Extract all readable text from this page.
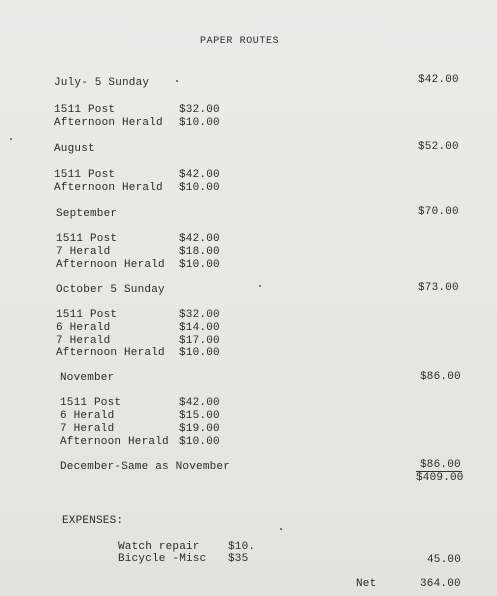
PAPER ROUTES
July- 5 Sunday	$42.00
1511 Post	$32.00
Afternoon Herald $10.00
August	$52.00
1511 Post	$42.00
Afternoon Herald $10.00
September	$70.00
1511 Post	$42.00
7 Herald	$18.00
Afternoon Herald $10.00
October 5 Sunday	$73.00
1511 Post	$32.00
6 Herald	$14.00
7 Herald	$17.00
Afternoon Herald $10.00
November	$86.00
1511 Post	$42.00
6 Herald	$15.00
7 Herald	$19.00
Afternoon Herald $10.00
December-Same as November	$86.00
$409.00
EXPENSES:
Watch repair	$10.
Bicycle -Misc $35	45.00
Net	364.00
